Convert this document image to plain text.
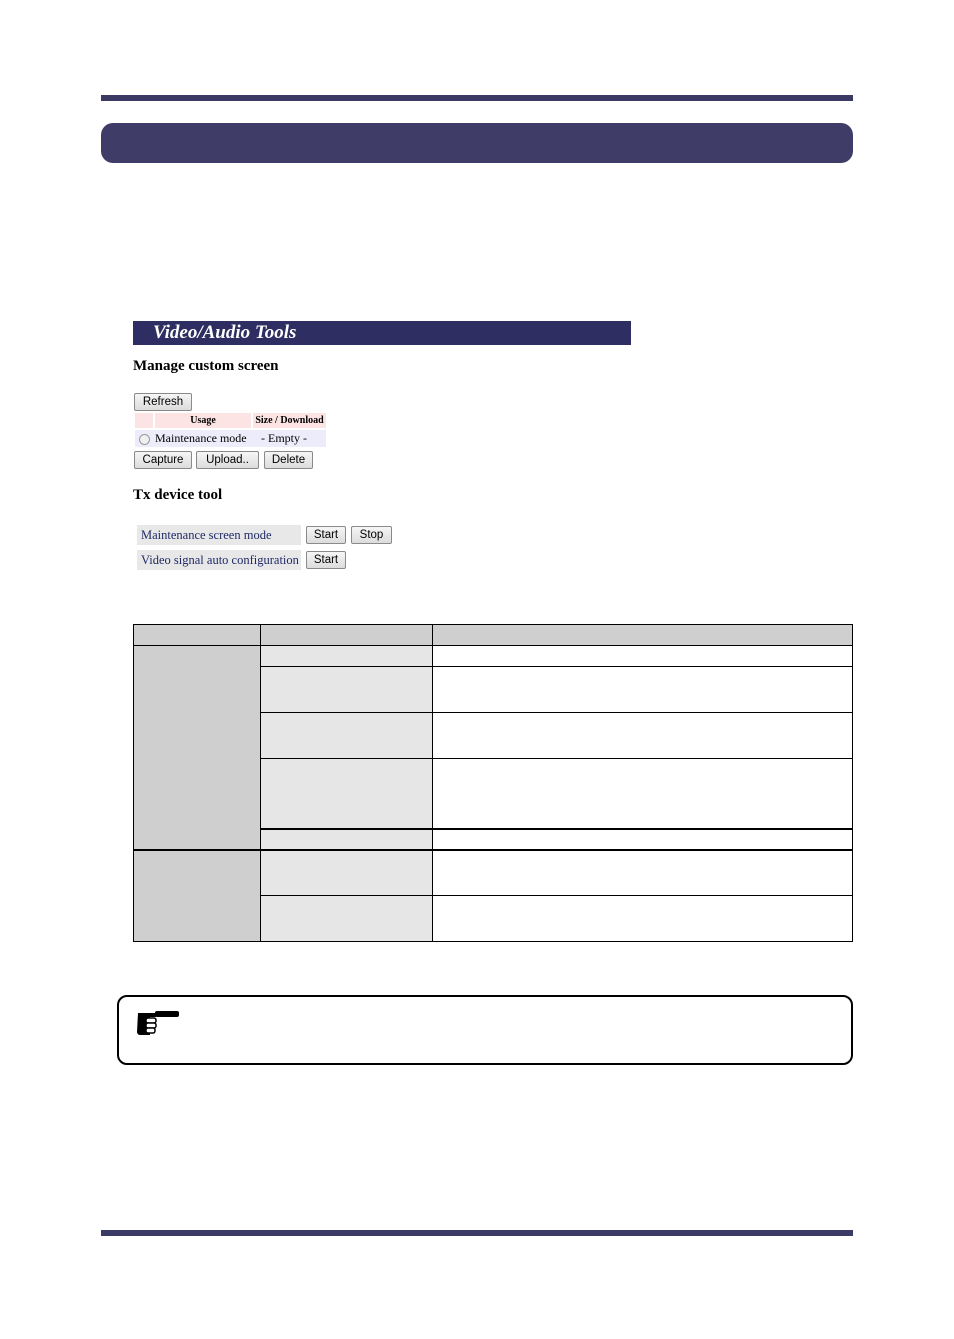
Video/Audio Tools
Manage custom screen
Refresh
Usage	Size / Download
Maintenance mode	- Empty -
Capture	Upload..	Delete
Tx device tool
Maintenance screen mode	Start	Stop
Video signal auto configuration	Start
